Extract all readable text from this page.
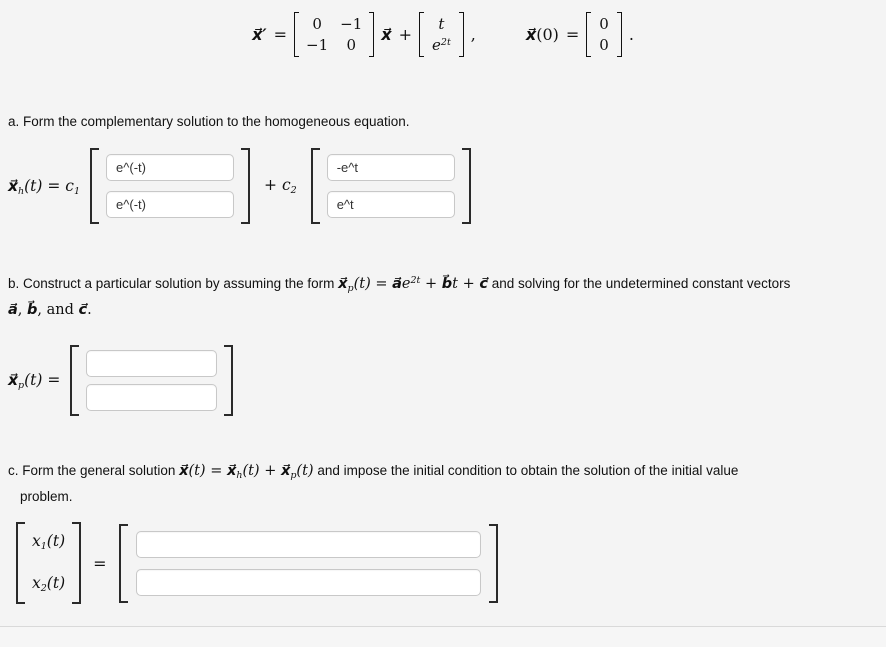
x⃗′ =
0 −1
−1 0
x⃗ +
t
$e^{2t}$ ,	x⃗(0) =
0
0
.
a. Form the complementary solution to the homogeneous equation.
$x⃗_h(t) = c_1$
e^(-t)
e^(-t)	+ $c_2$
-e^t
e^t
b. Construct a particular solution by assuming the form $x⃗_p(t)$ = $a⃗e^{2t}$ + b⃗t + c⃗ and solving for the undetermined constant vectors
a⃗, b⃗, and c⃗.
$x⃗_p(t)$ =
c. Form the general solution x⃗(t) = $x⃗_h(t)$ + $x⃗_p(t)$ and impose the initial condition to obtain the solution of the initial value
problem.
$x_1(t)$
$x_2(t)$
=
